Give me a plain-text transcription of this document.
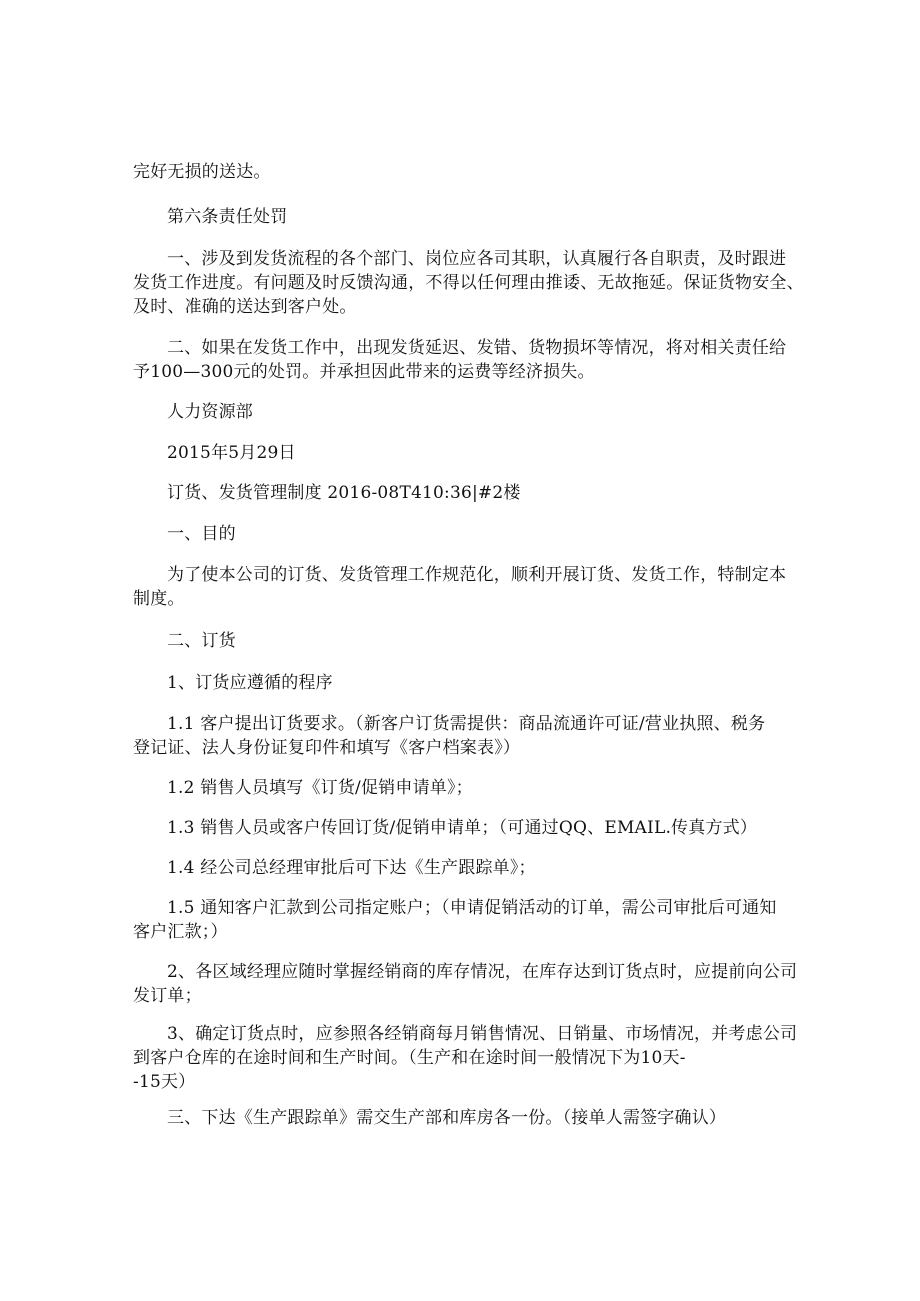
完好无损的送达。
第六条责任处罚
一、涉及到发货流程的各个部门、岗位应各司其职，认真履行各自职责，及时跟进
发货工作进度。有问题及时反馈沟通，不得以任何理由推诿、无故拖延。保证货物安全、
及时、准确的送达到客户处。
二、如果在发货工作中，出现发货延迟、发错、货物损坏等情况，将对相关责任给
予100—300元的处罚。并承担因此带来的运费等经济损失。
人力资源部
2015年5月29日
订货、发货管理制度 2016-08T410:36|#2楼
一、目的
为了使本公司的订货、发货管理工作规范化，顺利开展订货、发货工作，特制定本
制度。
二、订货
1、订货应遵循的程序
1.1 客户提出订货要求。（新客户订货需提供：商品流通许可证/营业执照、税务
登记证、法人身份证复印件和填写《客户档案表》）
1.2 销售人员填写《订货/促销申请单》；
1.3 销售人员或客户传回订货/促销申请单；（可通过QQ、EMAIL.传真方式）
1.4 经公司总经理审批后可下达《生产跟踪单》；
1.5 通知客户汇款到公司指定账户；（申请促销活动的订单，需公司审批后可通知
客户汇款；）
2、各区域经理应随时掌握经销商的库存情况，在库存达到订货点时，应提前向公司
发订单；
3、确定订货点时，应参照各经销商每月销售情况、日销量、市场情况，并考虑公司
到客户仓库的在途时间和生产时间。（生产和在途时间一般情况下为10天-
-15天）
三、下达《生产跟踪单》需交生产部和库房各一份。（接单人需签字确认）
